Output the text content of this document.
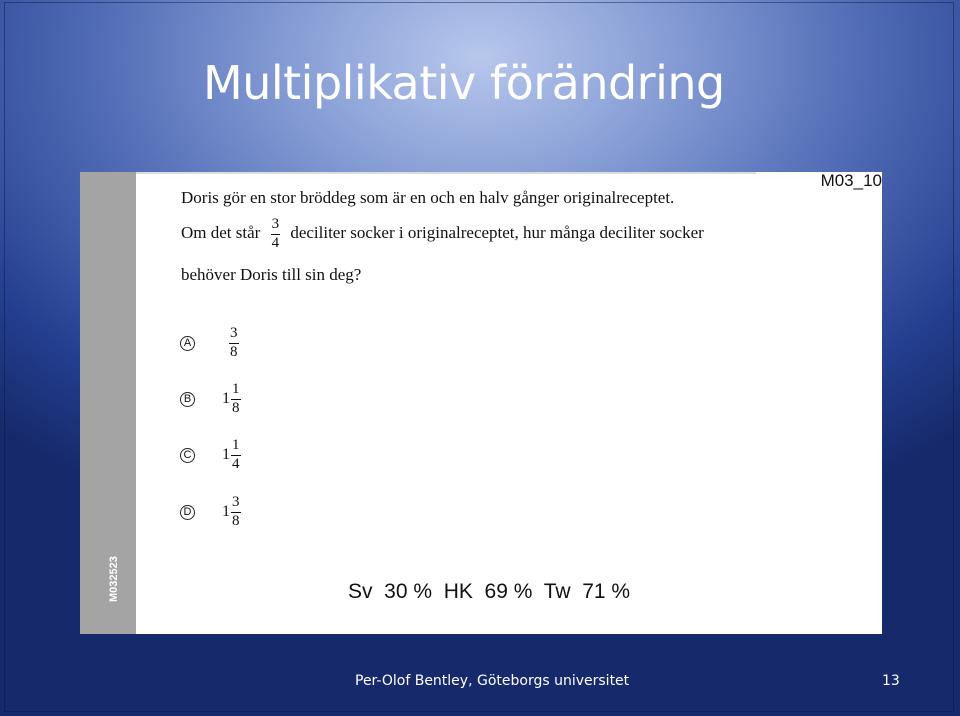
Multiplikativ förändring
M032523
M03_10
Doris gör en stor bröddeg som är en och en halv gånger originalreceptet.
Om det står $\frac{3}{4}$ deciliter socker i originalreceptet, hur många deciliter socker
behöver Doris till sin deg?
A	$\frac{3}{8}$
B $1 \frac{1}{8}$
C $1 \frac{1}{4}$
D $1 \frac{3}{8}$
Sv  30 %  HK  69 %  Tw  71 %
Per-Olof Bentley, Göteborgs universitet	13
